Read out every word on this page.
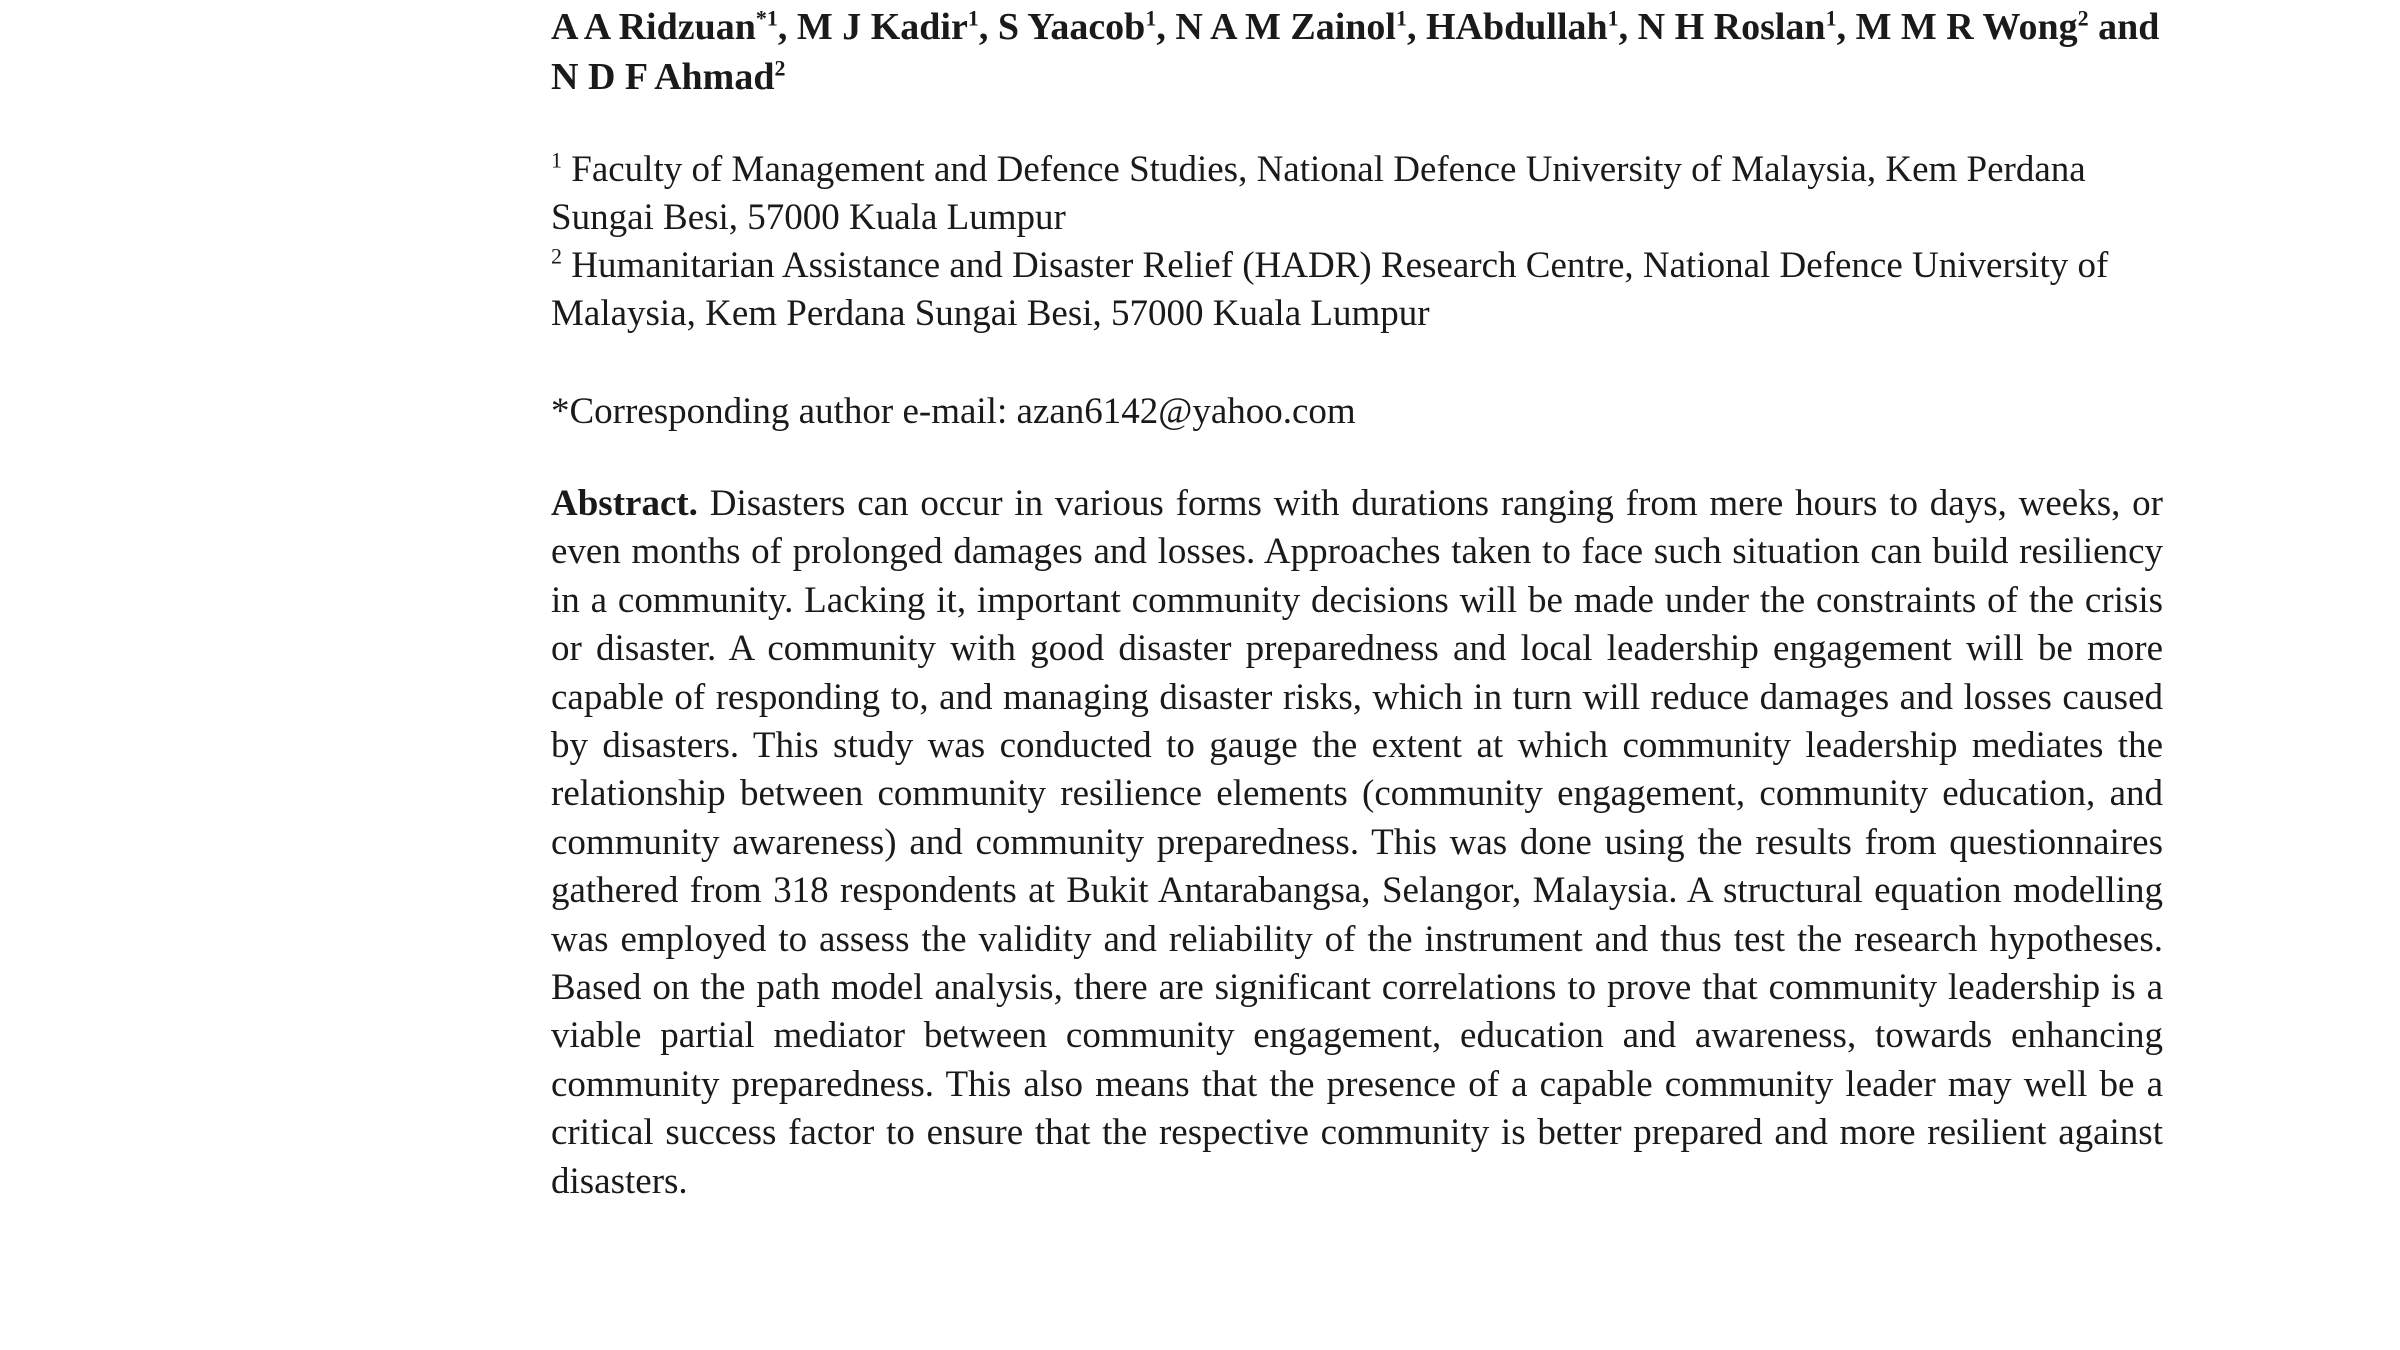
A A Ridzuan$^{*1}$, M J Kadir$^1$, S Yaacob$^1$, N A M Zainol$^1$, HAbdullah$^1$, N H Roslan$^1$, M M R Wong$^2$ and N D F Ahmad$^2$

$^1$ Faculty of Management and Defence Studies, National Defence University of Malaysia, Kem Perdana Sungai Besi, 57000 Kuala Lumpur

$^2$ Humanitarian Assistance and Disaster Relief (HADR) Research Centre, National Defence University of Malaysia, Kem Perdana Sungai Besi, 57000 Kuala Lumpur

*Corresponding author e-mail: azan6142@yahoo.com

Abstract. Disasters can occur in various forms with durations ranging from mere hours to days, weeks, or even months of prolonged damages and losses. Approaches taken to face such situation can build resiliency in a community. Lacking it, important community decisions will be made under the constraints of the crisis or disaster. A community with good disaster preparedness and local leadership engagement will be more capable of responding to, and managing disaster risks, which in turn will reduce damages and losses caused by disasters. This study was conducted to gauge the extent at which community leadership mediates the relationship between community resilience elements (community engagement, community education, and community awareness) and community preparedness. This was done using the results from questionnaires gathered from 318 respondents at Bukit Antarabangsa, Selangor, Malaysia. A structural equation modelling was employed to assess the validity and reliability of the instrument and thus test the research hypotheses. Based on the path model analysis, there are significant correlations to prove that community leadership is a viable partial mediator between community engagement, education and awareness, towards enhancing community preparedness. This also means that the presence of a capable community leader may well be a critical success factor to ensure that the respective community is better prepared and more resilient against disasters.
